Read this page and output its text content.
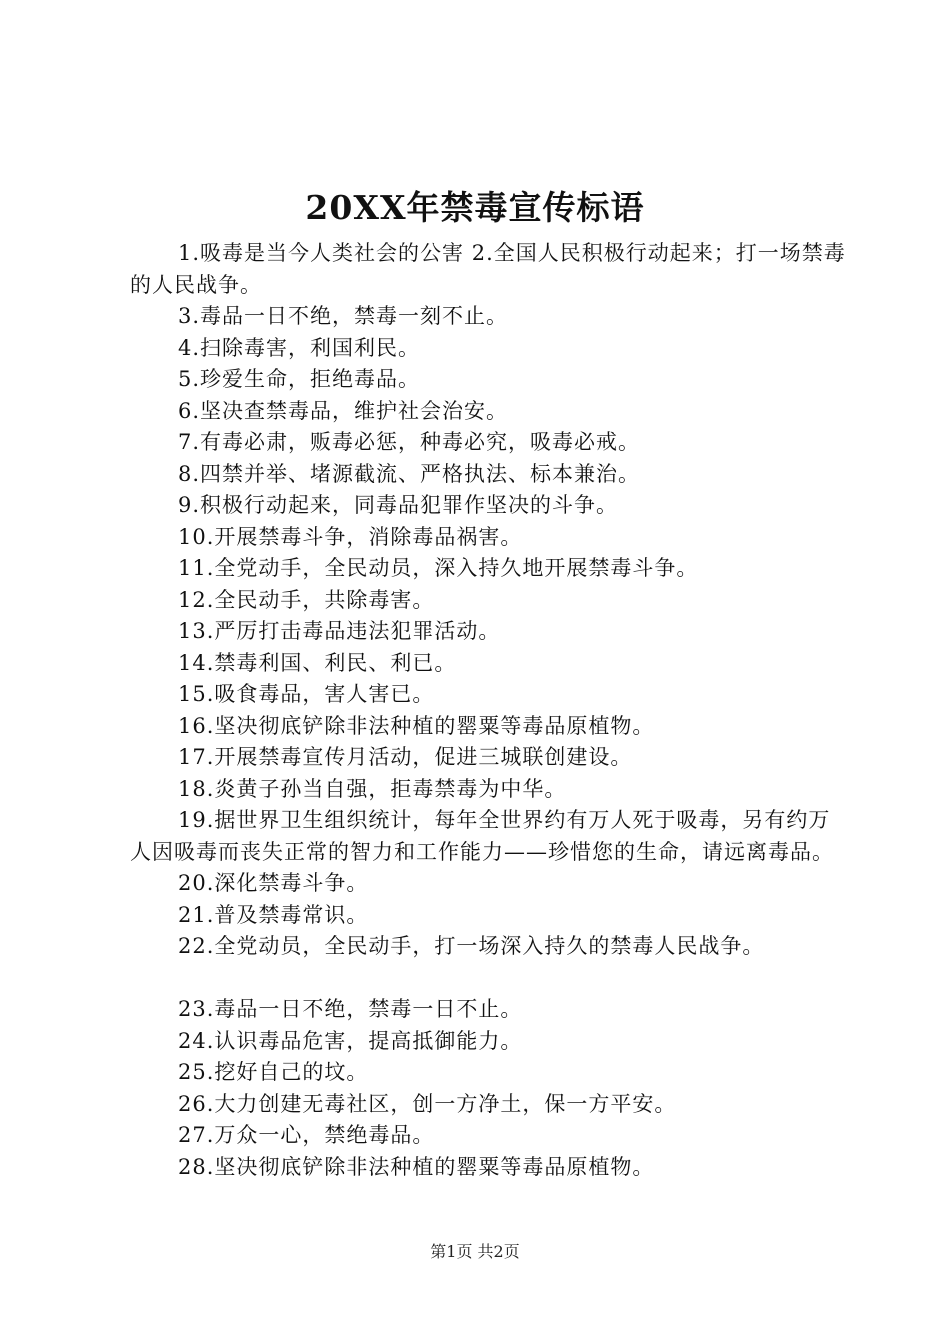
20XX年禁毒宣传标语

1.吸毒是当今人类社会的公害 2.全国人民积极行动起来；打一场禁毒的人民战争。

3.毒品一日不绝，禁毒一刻不止。

4.扫除毒害，利国利民。

5.珍爱生命，拒绝毒品。

6.坚决查禁毒品，维护社会治安。

7.有毒必肃，贩毒必惩，种毒必究，吸毒必戒。

8.四禁并举、堵源截流、严格执法、标本兼治。

9.积极行动起来，同毒品犯罪作坚决的斗争。

10.开展禁毒斗争，消除毒品祸害。

11.全党动手，全民动员，深入持久地开展禁毒斗争。

12.全民动手，共除毒害。

13.严厉打击毒品违法犯罪活动。

14.禁毒利国、利民、利已。

15.吸食毒品，害人害已。

16.坚决彻底铲除非法种植的罂粟等毒品原植物。

17.开展禁毒宣传月活动，促进三城联创建设。

18.炎黄子孙当自强，拒毒禁毒为中华。

19.据世界卫生组织统计，每年全世界约有万人死于吸毒，另有约万人因吸毒而丧失正常的智力和工作能力——珍惜您的生命，请远离毒品。

20.深化禁毒斗争。

21.普及禁毒常识。

22.全党动员，全民动手，打一场深入持久的禁毒人民战争。

23.毒品一日不绝，禁毒一日不止。

24.认识毒品危害，提高抵御能力。

25.挖好自己的坟。

26.大力创建无毒社区，创一方净土，保一方平安。

27.万众一心，禁绝毒品。

28.坚决彻底铲除非法种植的罂粟等毒品原植物。

第1页 共2页
